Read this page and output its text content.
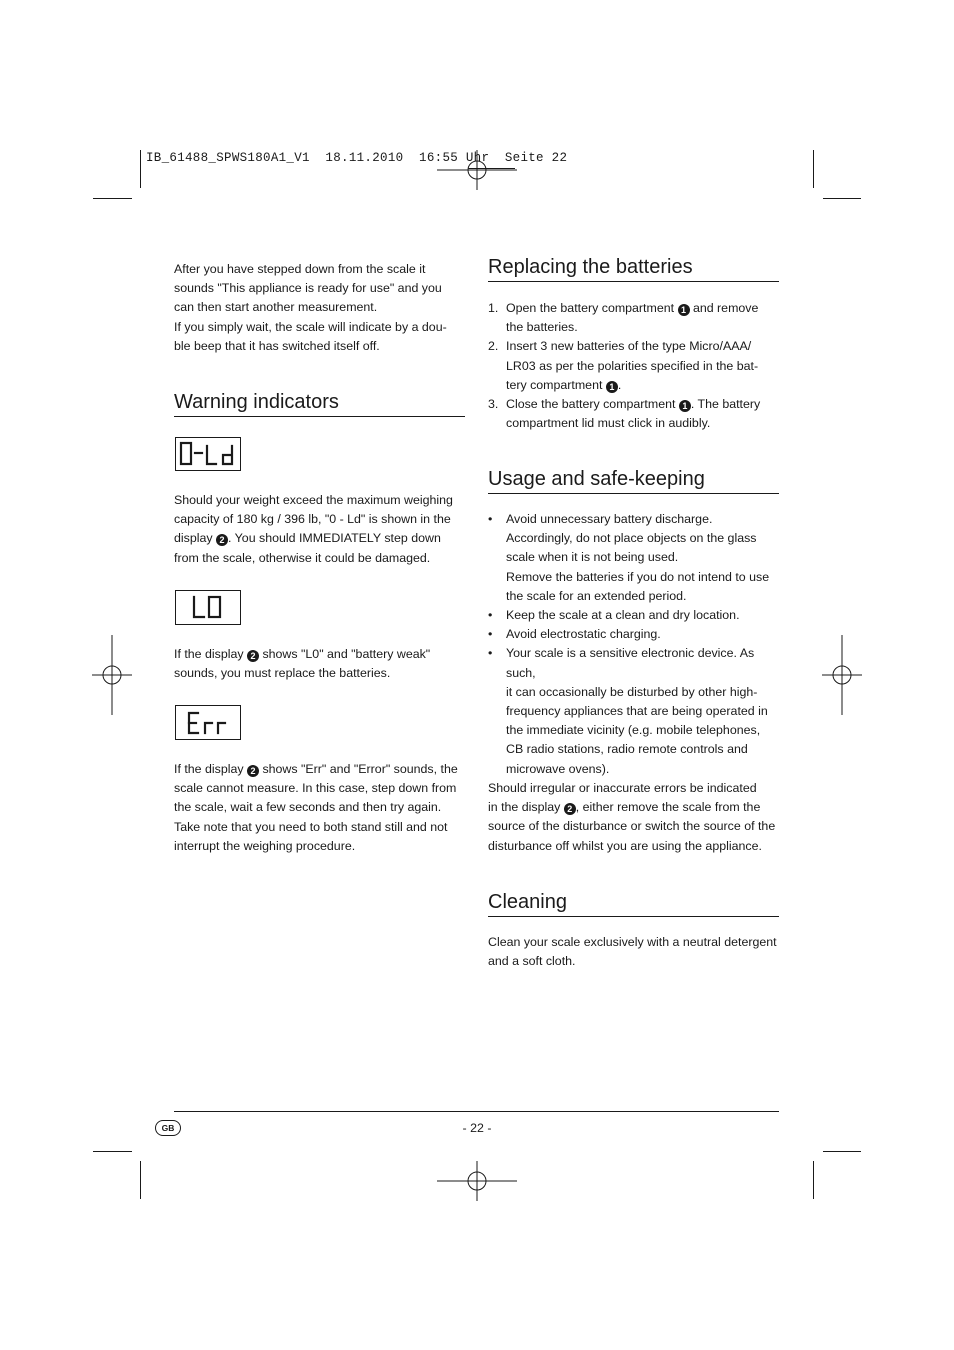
IB_61488_SPWS180A1_V1  18.11.2010  16:55 Uhr  Seite 22

After you have stepped down from the scale it

sounds "This appliance is ready for use" and you

can then start another measurement.

If you simply wait, the scale will indicate by a dou-

ble beep that it has switched itself off.

Warning indicators

Should your weight exceed the maximum weighing

capacity of 180 kg / 396 lb, "0 - Ld" is shown in the

display 2 . You should IMMEDIATELY step down

from the scale, otherwise it could be damaged.

If the display 2 shows "L0" and "battery weak"

sounds, you must replace the batteries.

If the display 2 shows "Err" and "Error" sounds, the

scale cannot measure. In this case, step down from

the scale, wait a few seconds and then try again.

Take note that you need to both stand still and not

interrupt the weighing procedure.

Replacing the batteries
1. Open the battery compartment 1 and remove

the batteries.

2. Insert 3 new batteries of the type Micro/AAA/

LR03 as per the polarities specified in the bat-

tery compartment 1 .

3. Close the battery compartment 1 . The battery

compartment lid must click in audibly.

Usage and safe-keeping
• Avoid unnecessary battery discharge.

Accordingly, do not place objects on the glass

scale when it is not being used.

Remove the batteries if you do not intend to use

the scale for an extended period.

• Keep the scale at a clean and dry location.

• Avoid electrostatic charging.

• Your scale is a sensitive electronic device. As such,

it can occasionally be disturbed by other high-

frequency appliances that are being operated in

the immediate vicinity (e.g. mobile telephones,

CB radio stations, radio remote controls and

microwave ovens).

Should irregular or inaccurate errors be indicated

in the display 2 , either remove the scale from the

source of the disturbance or switch the source of the

disturbance off whilst you are using the appliance.

Cleaning

Clean your scale exclusively with a neutral detergent

and a soft cloth.

GB	- 22 -
